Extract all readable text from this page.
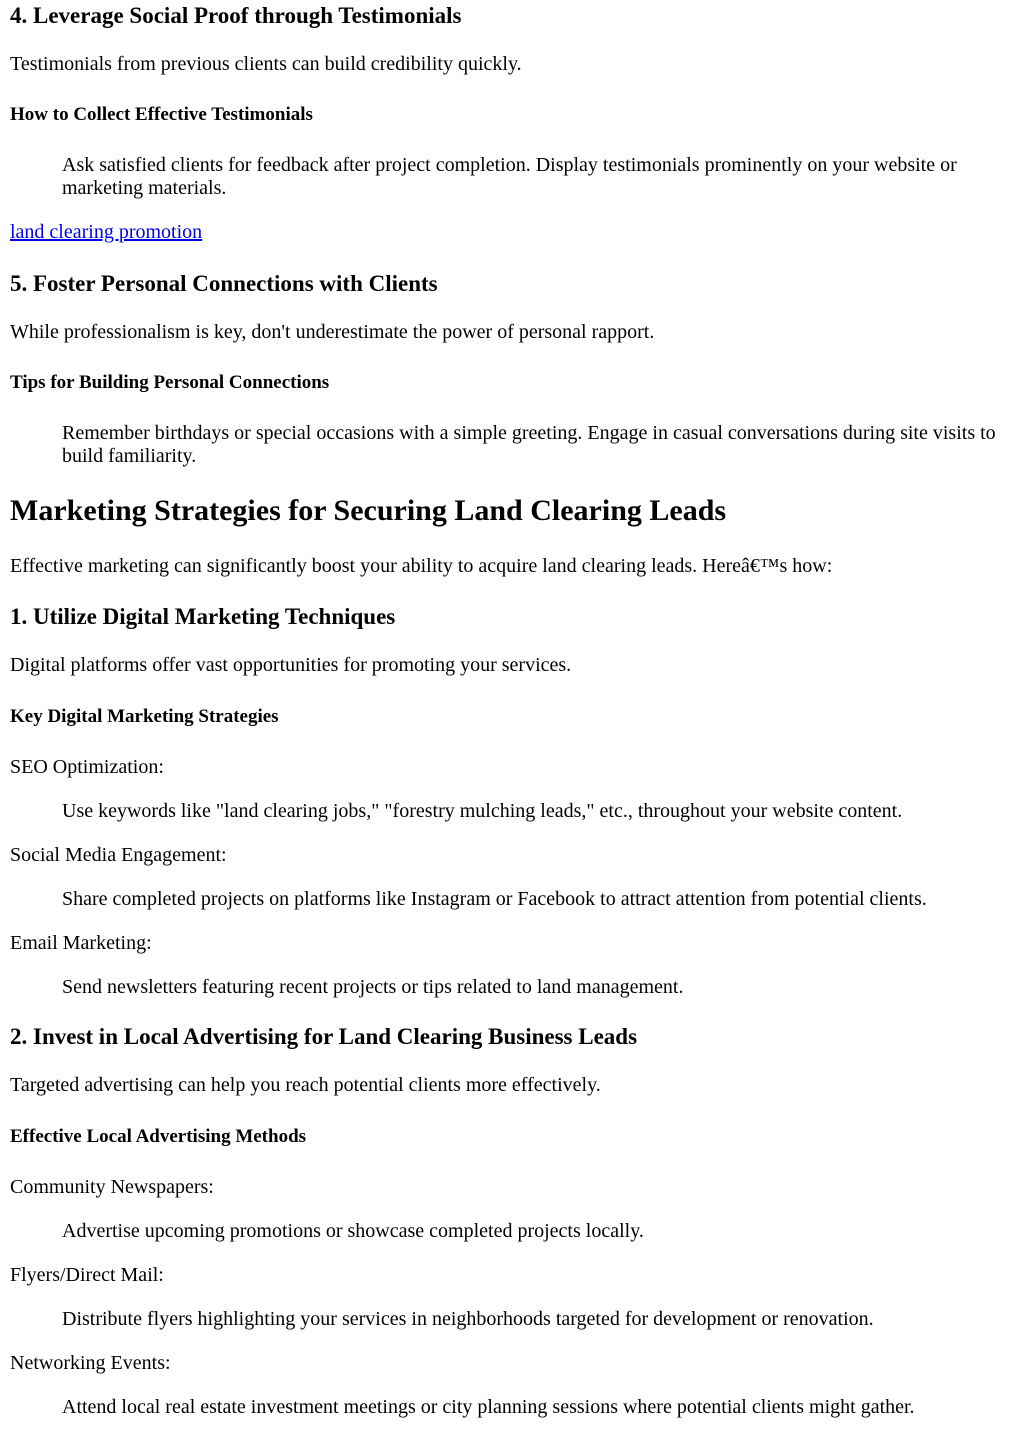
4. Leverage Social Proof through Testimonials

Testimonials from previous clients can build credibility quickly.

How to Collect Effective Testimonials
Ask satisfied clients for feedback after project completion. Display testimonials prominently on your website or marketing materials.
land clearing promotion
5. Foster Personal Connections with Clients

While professionalism is key, don't underestimate the power of personal rapport.

Tips for Building Personal Connections
Remember birthdays or special occasions with a simple greeting. Engage in casual conversations during site visits to build familiarity.
Marketing Strategies for Securing Land Clearing Leads

Effective marketing can significantly boost your ability to acquire land clearing leads. Hereâ€™s how:

1. Utilize Digital Marketing Techniques

Digital platforms offer vast opportunities for promoting your services.

Key Digital Marketing Strategies

SEO Optimization:

Use keywords like "land clearing jobs," "forestry mulching leads," etc., throughout your website content.

Social Media Engagement:

Share completed projects on platforms like Instagram or Facebook to attract attention from potential clients.

Email Marketing:

Send newsletters featuring recent projects or tips related to land management.

2. Invest in Local Advertising for Land Clearing Business Leads

Targeted advertising can help you reach potential clients more effectively.

Effective Local Advertising Methods

Community Newspapers:

Advertise upcoming promotions or showcase completed projects locally.

Flyers/Direct Mail:

Distribute flyers highlighting your services in neighborhoods targeted for development or renovation.

Networking Events:

Attend local real estate investment meetings or city planning sessions where potential clients might gather.
